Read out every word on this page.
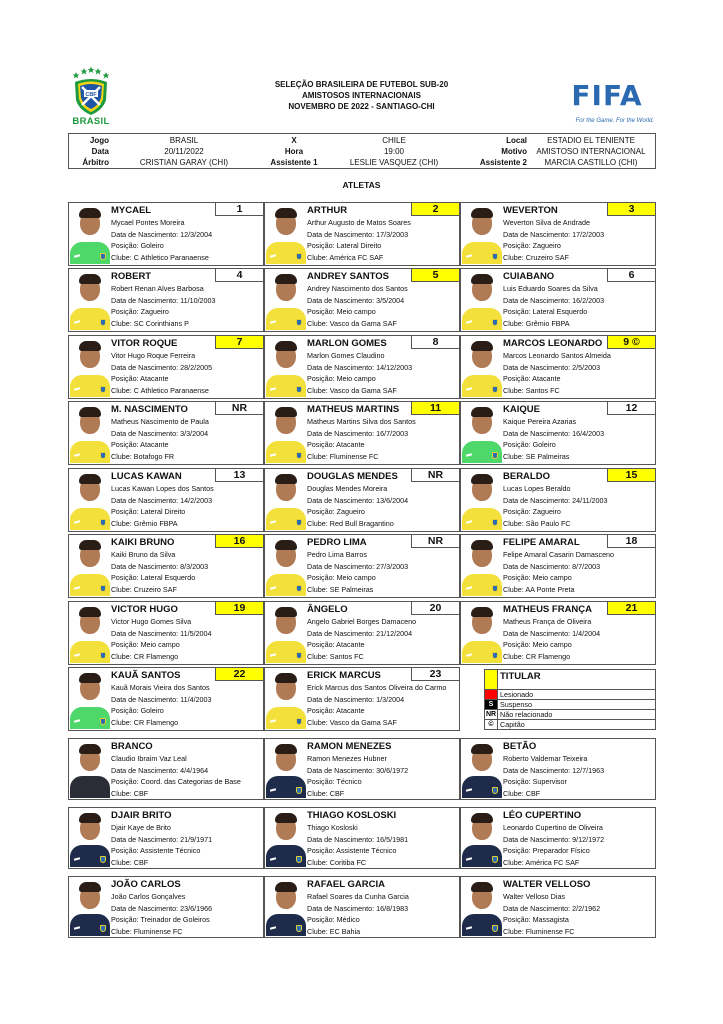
CBF
BRASIL
SELEÇÃO BRASILEIRA DE FUTEBOL SUB-20
AMISTOSOS INTERNACIONAIS
NOVEMBRO DE 2022 - SANTIAGO-CHI	FIFA
For the Game. For the World.
Jogo	BRASIL	X	CHILE	Local	ESTADIO EL TENIENTE
Data	20/11/2022	Hora	19:00	Motivo	AMISTOSO INTERNACIONAL
Árbitro	CRISTIAN GARAY (CHI)	Assistente 1	LESLIE VASQUEZ (CHI)	Assistente 2	MARCIA CASTILLO (CHI)
ATLETAS
MYCAEL
Mycael Pontes Moreira
Data de Nascimento: 12/3/2004
Posição: Goleiro
Clube: C Athletico Paranaense
1	ARTHUR
Arthur Augusto de Matos Soares
Data de Nascimento: 17/3/2003
Posição: Lateral Direito
Clube: América FC SAF
2	WEVERTON
Weverton Silva de Andrade
Data de Nascimento: 17/2/2003
Posição: Zagueiro
Clube: Cruzeiro SAF
3
ROBERT
Robert Renan Alves Barbosa
Data de Nascimento: 11/10/2003
Posição: Zagueiro
Clube: SC Corinthians P
4	ANDREY SANTOS
Andrey Nascimento dos Santos
Data de Nascimento: 3/5/2004
Posição: Meio campo
Clube: Vasco da Gama SAF
5	CUIABANO
Luis Eduardo Soares da Silva
Data de Nascimento: 16/2/2003
Posição: Lateral Esquerdo
Clube: Grêmio FBPA
6
VITOR ROQUE
Vitor Hugo Roque Ferreira
Data de Nascimento: 28/2/2005
Posição: Atacante
Clube: C Athletico Paranaense
7	MARLON GOMES
Marlon Gomes Claudino
Data de Nascimento: 14/12/2003
Posição: Meio campo
Clube: Vasco da Gama SAF
8	MARCOS LEONARDO
Marcos Leonardo Santos Almeida
Data de Nascimento: 2/5/2003
Posição: Atacante
Clube: Santos FC
9 ©
M. NASCIMENTO
Matheus Nascimento de Paula
Data de Nascimento: 3/3/2004
Posição: Atacante
Clube: Botafogo FR
NR	MATHEUS MARTINS
Matheus Martins Silva dos Santos
Data de Nascimento: 16/7/2003
Posição: Atacante
Clube: Fluminense FC
11	KAIQUE
Kaique Pereira Azarias
Data de Nascimento: 16/4/2003
Posição: Goleiro
Clube: SE Palmeiras
12
LUCAS KAWAN
Lucas Kawan Lopes dos Santos
Data de Nascimento: 14/2/2003
Posição: Lateral Direito
Clube: Grêmio FBPA
13	DOUGLAS MENDES
Douglas Mendes Moreira
Data de Nascimento: 13/6/2004
Posição: Zagueiro
Clube: Red Bull Bragantino
NR	BERALDO
Lucas Lopes Beraldo
Data de Nascimento: 24/11/2003
Posição: Zagueiro
Clube: São Paulo FC
15
KAIKI BRUNO
Kaiki Bruno da Silva
Data de Nascimento: 8/3/2003
Posição: Lateral Esquerdo
Clube: Cruzeiro SAF
16	PEDRO LIMA
Pedro Lima Barros
Data de Nascimento: 27/3/2003
Posição: Meio campo
Clube: SE Palmeiras
NR	FELIPE AMARAL
Felipe Amaral Casarin Damasceno
Data de Nascimento: 8/7/2003
Posição: Meio campo
Clube: AA Ponte Preta
18
VICTOR HUGO
Victor Hugo Gomes Silva
Data de Nascimento: 11/5/2004
Posição: Meio campo
Clube: CR Flamengo
19	ÂNGELO
Angelo Gabriel Borges Damaceno
Data de Nascimento: 21/12/2004
Posição: Atacante
Clube: Santos FC
20	MATHEUS FRANÇA
Matheus França de Oliveira
Data de Nascimento: 1/4/2004
Posição: Meio campo
Clube: CR Flamengo
21
KAUÃ SANTOS
Kauã Morais Vieira dos Santos
Data de Nascimento: 11/4/2003
Posição: Goleiro
Clube: CR Flamengo
22	ERICK MARCUS
Erick Marcus dos Santos Oliveira do Carmo
Data de Nascimento: 1/3/2004
Posição: Atacante
Clube: Vasco da Gama SAF
23
BRANCO
Claudio Ibraim Vaz Leal
Data de Nascimento: 4/4/1964
Posição: Coord. das Categorias de Base
Clube: CBF
RAMON MENEZES
Ramon Menezes Hubner
Data de Nascimento: 30/6/1972
Posição: Técnico
Clube: CBF
BETÃO
Roberto Valdemar Teixeira
Data de Nascimento: 12/7/1963
Posição: Supervisor
Clube: CBF
DJAIR BRITO
Djair Kaye de Brito
Data de Nascimento: 21/9/1971
Posição: Assistente Técnico
Clube: CBF
THIAGO KOSLOSKI
Thiago Kosloski
Data de Nascimento: 16/5/1981
Posição: Assistente Técnico
Clube: Coritiba FC
LÉO CUPERTINO
Leonardo Cupertino de Oliveira
Data de Nascimento: 9/12/1972
Posição: Preparador Físico
Clube: América FC SAF
JOÃO CARLOS
João Carlos Gonçalves
Data de Nascimento: 23/6/1966
Posição: Treinador de Goleiros
Clube: Fluminense FC
RAFAEL GARCIA
Rafael Soares da Cunha Garcia
Data de Nascimento: 16/8/1983
Posição: Médico
Clube: EC Bahia
WALTER VELLOSO
Walter Velloso Dias
Data de Nascimento: 2/2/1962
Posição: Massagista
Clube: Fluminense FC
TITULAR
L Lesionado
S Suspenso
NR Não relacionado
© Capitão
